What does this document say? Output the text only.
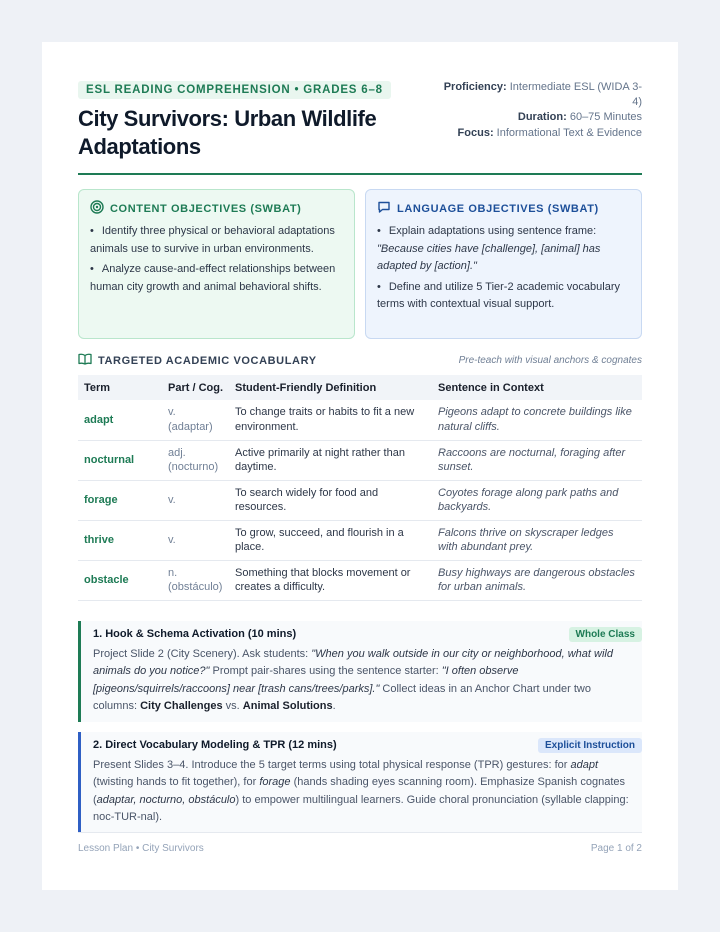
ESL READING COMPREHENSION • GRADES 6–8
City Survivors: Urban Wildlife Adaptations
Proficiency: Intermediate ESL (WIDA 3-4)
Duration: 60–75 Minutes
Focus: Informational Text & Evidence
CONTENT OBJECTIVES (SWBAT)
• Identify three physical or behavioral adaptations animals use to survive in urban environments.
• Analyze cause-and-effect relationships between human city growth and animal behavioral shifts.
LANGUAGE OBJECTIVES (SWBAT)
• Explain adaptations using sentence frame:
"Because cities have [challenge], [animal] has adapted by [action]."
• Define and utilize 5 Tier-2 academic vocabulary terms with contextual visual support.
TARGETED ACADEMIC VOCABULARY	Pre-teach with visual anchors & cognates
Term	Part / Cog.	Student-Friendly Definition	Sentence in Context
adapt	v. (adaptar)	To change traits or habits to fit a new environment.	Pigeons adapt to concrete buildings like natural cliffs.
nocturnal	adj. (nocturno)	Active primarily at night rather than daytime.	Raccoons are nocturnal, foraging after sunset.
forage	v.	To search widely for food and resources.	Coyotes forage along park paths and backyards.
thrive	v.	To grow, succeed, and flourish in a place.	Falcons thrive on skyscraper ledges with abundant prey.
obstacle	n. (obstáculo)	Something that blocks movement or creates a difficulty.	Busy highways are dangerous obstacles for urban animals.
1. Hook & Schema Activation (10 mins)	Whole Class
Project Slide 2 (City Scenery). Ask students: "When you walk outside in our city or neighborhood, what wild animals do you notice?" Prompt pair-shares using the sentence starter: "I often observe [pigeons/squirrels/raccoons] near [trash cans/trees/parks]." Collect ideas in an Anchor Chart under two columns: City Challenges vs. Animal Solutions.
2. Direct Vocabulary Modeling & TPR (12 mins)	Explicit Instruction
Present Slides 3–4. Introduce the 5 target terms using total physical response (TPR) gestures: for adapt (twisting hands to fit together), for forage (hands shading eyes scanning room). Emphasize Spanish cognates (adaptar, nocturno, obstáculo) to empower multilingual learners. Guide choral pronunciation (syllable clapping: noc-TUR-nal).
Lesson Plan • City Survivors	Page 1 of 2
